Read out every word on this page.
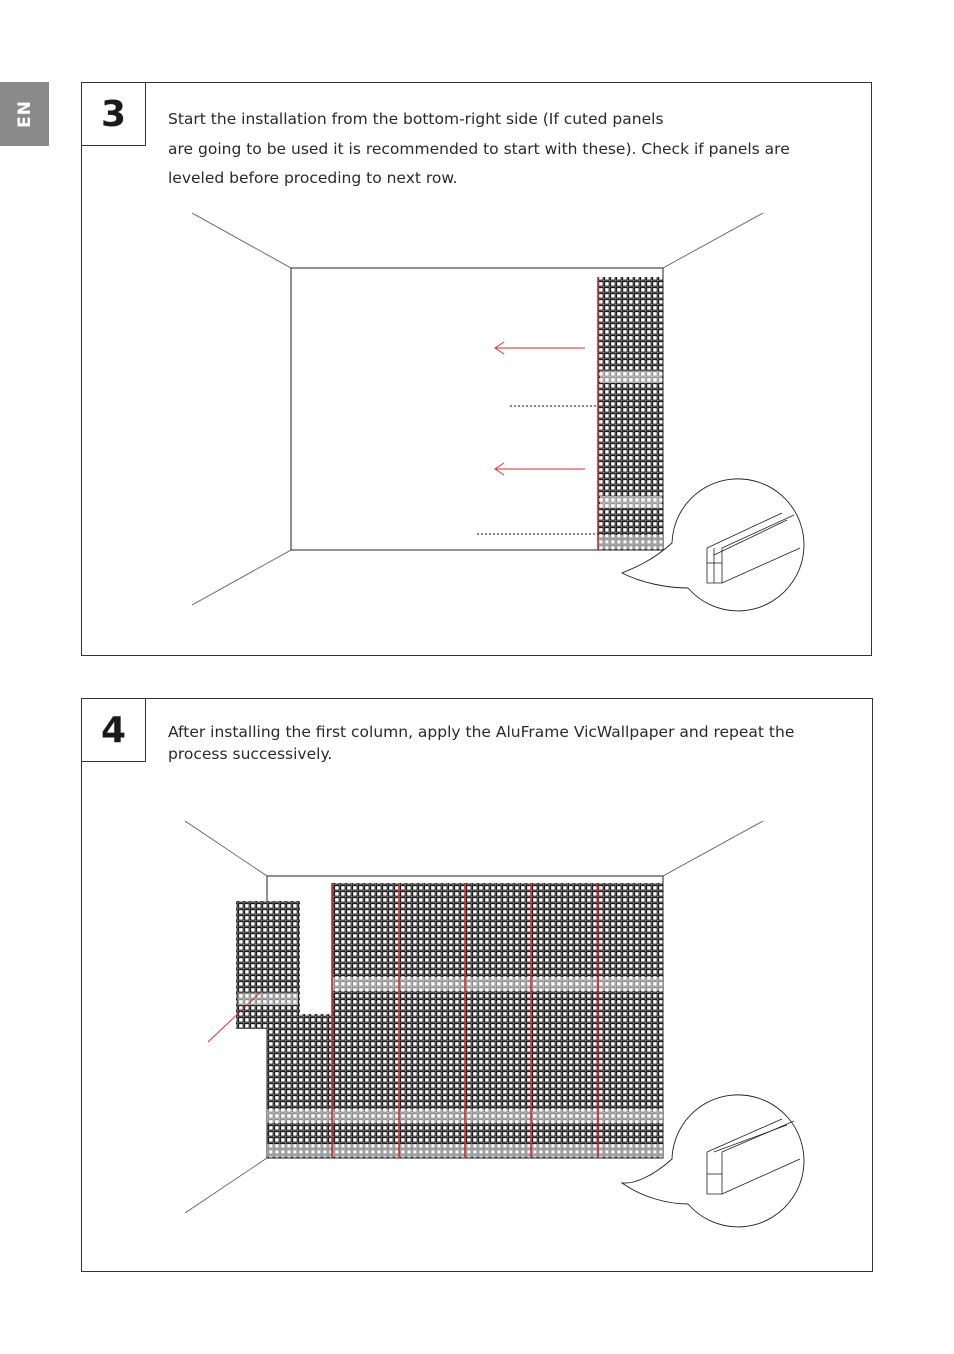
EN 3	Start the installation from the bottom-right side (If cuted panels
are going to be used it is recommended to start with these). Check if panels are
leveled before proceding to next row.
4	After installing the first column, apply the AluFrame VicWallpaper and repeat the
process successively.
